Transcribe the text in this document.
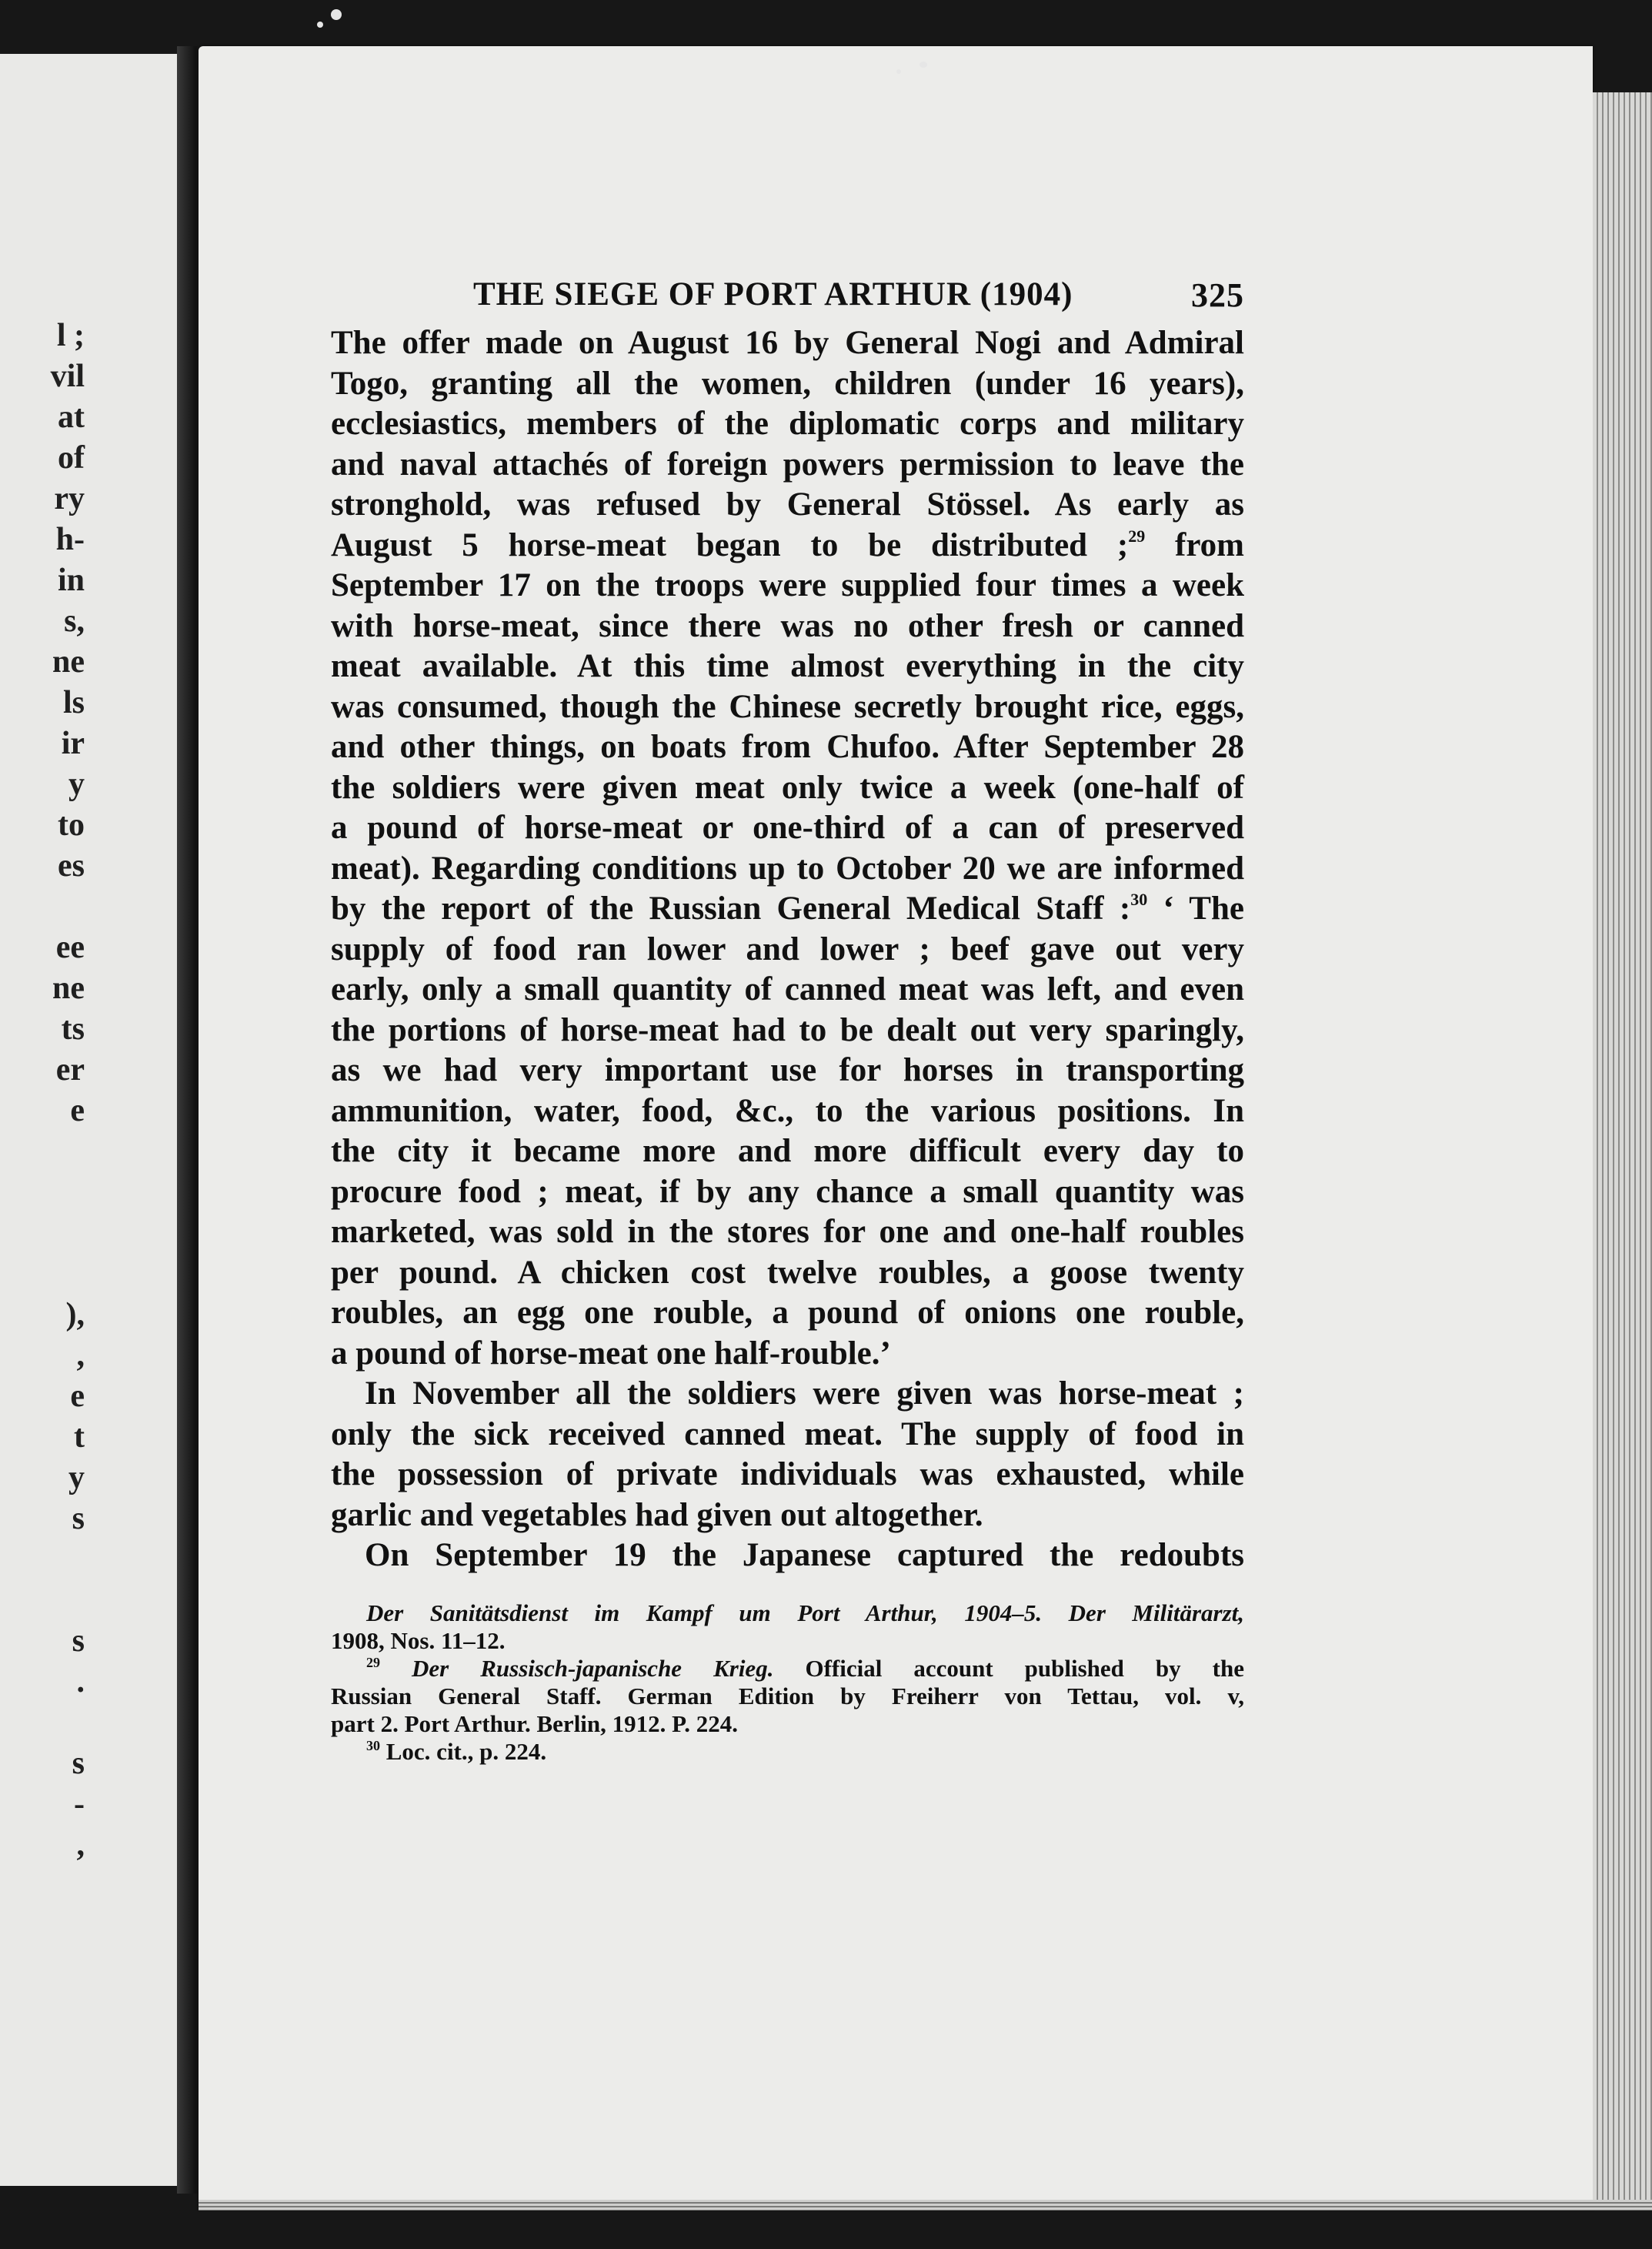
l ;
vil
at
of
ry
h-
in
s,
ne
ls
ir
y
to
es
ee
ne
ts
er
e
),
,
e
t
y
s
s
.
s
-
,
THE SIEGE OF PORT ARTHUR (1904)	325

The offer made on August 16 by General Nogi and Admiral
Togo, granting all the women, children (under 16 years),
ecclesiastics, members of the diplomatic corps and military
and naval attachés of foreign powers permission to leave the
stronghold, was refused by General Stössel. As early as
August 5 horse-meat began to be distributed ;$^{29}$ from
September 17 on the troops were supplied four times a week
with horse-meat, since there was no other fresh or canned
meat available. At this time almost everything in the city
was consumed, though the Chinese secretly brought rice, eggs,
and other things, on boats from Chufoo. After September 28
the soldiers were given meat only twice a week (one-half of
a pound of horse-meat or one-third of a can of preserved
meat). Regarding conditions up to October 20 we are informed
by the report of the Russian General Medical Staff :$^{30}$ ‘ The
supply of food ran lower and lower ; beef gave out very
early, only a small quantity of canned meat was left, and even
the portions of horse-meat had to be dealt out very sparingly,
as we had very important use for horses in transporting
ammunition, water, food, &c., to the various positions. In
the city it became more and more difficult every day to
procure food ; meat, if by any chance a small quantity was
marketed, was sold in the stores for one and one-half roubles
per pound. A chicken cost twelve roubles, a goose twenty
roubles, an egg one rouble, a pound of onions one rouble,
a pound of horse-meat one half-rouble.’

In November all the soldiers were given was horse-meat ;
only the sick received canned meat. The supply of food in
the possession of private individuals was exhausted, while
garlic and vegetables had given out altogether.

On September 19 the Japanese captured the redoubts

Der Sanitätsdienst im Kampf um Port Arthur, 1904–5. Der Militärarzt,
1908, Nos. 11–12.
$^{29}$ Der Russisch-japanische Krieg. Official account published by the
Russian General Staff. German Edition by Freiherr von Tettau, vol. v,
part 2. Port Arthur. Berlin, 1912. P. 224.
$^{30}$ Loc. cit., p. 224.
